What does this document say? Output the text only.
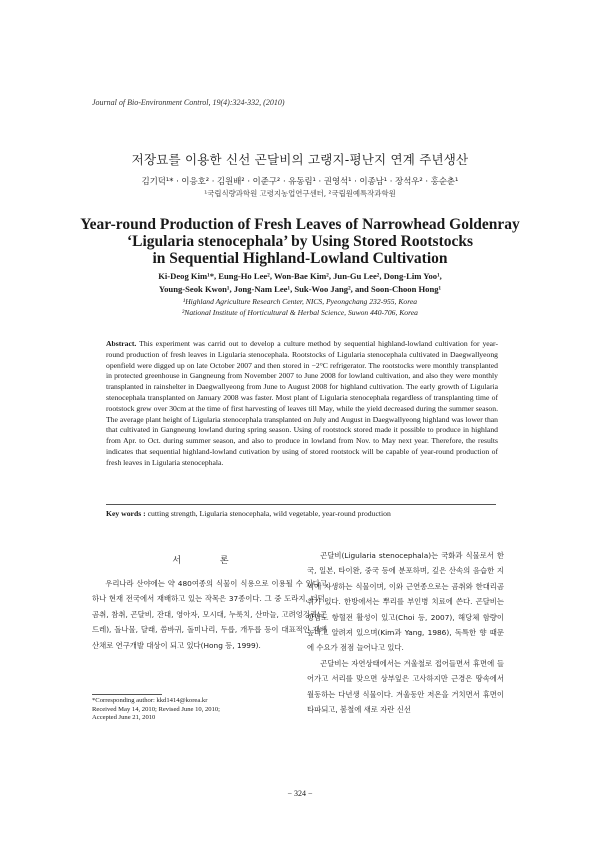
Journal of Bio-Environment Control, 19(4):324-332, (2010)
저장묘를 이용한 신선 곤달비의 고랭지-평난지 연계 주년생산
김기덕¹* · 이응호² · 김원배² · 이준구² · 유동림¹ · 권영석¹ · 이종남¹ · 장석우² · 홍순춘¹
¹국립식량과학원 고령지농업연구센터, ²국립원예특작과학원
Year-round Production of Fresh Leaves of Narrowhead Goldenray
‘Ligularia stenocephala’ by Using Stored Rootstocks
in Sequential Highland-Lowland Cultivation
Ki-Deog Kim¹*, Eung-Ho Lee², Won-Bae Kim², Jun-Gu Lee², Dong-Lim Yoo¹,
Young-Seok Kwon¹, Jong-Nam Lee¹, Suk-Woo Jang², and Soon-Choon Hong¹
¹Highland Agriculture Research Center, NICS, Pyeongchang 232-955, Korea
²National Institute of Horticultural & Herbal Science, Suwon 440-706, Korea
Abstract. This experiment was carrid out to develop a culture method by sequential highland-lowland cultivation for year-round production of fresh leaves in Ligularia stenocephala. Rootstocks of Ligularia stenocephala cultivated in Daegwallyeong openfield were digged up on late October 2007 and then stored in −2°C refrigerator. The rootstocks were monthly transplanted in protected greenhouse in Gangneung from November 2007 to June 2008 for lowland cultivation, and also they were monthly transplanted in rainshelter in Daegwallyeong from June to August 2008 for highland cultivation. The early growth of Ligularia stenocephala transplanted on January 2008 was faster. Most plant of Ligularia stenocephala regardless of transplanting time of rootstock grew over 30cm at the time of first harvesting of leaves till May, while the yield decreased during the summer season. The average plant height of Ligularia stenocephala transplanted on July and August in Daegwallyeong highland was lower than that cultivated in Gangneung lowland during spring season. Using of rootstock stored made it possible to produce in highland from Apr. to Oct. during summer season, and also to produce in lowland from Nov. to May next year. Therefore, the results indicates that sequential highland-lowland cutivation by using of stored rootstock will be capable of year-round production of fresh leaves in Ligularia stenocephala.
Key words : cutting strength, Ligularia stenocephala, wild vegetable, year-round production
서 론

우리나라 산야에는 약 480여종의 식물이 식용으로 이용될 수 있다고 하나 현재 전국에서 재배하고 있는 작목은 37종이다. 그 중 도라지, 더덕, 곰취, 참취, 곤달비, 잔대, 영아자, 모시대, 누룩치, 산마늘, 고려엉겅퀴(곤드레), 돌나물, 달래, 씀바귀, 돌미나리, 두릅, 개두릅 등이 대표적인 재배산채로 연구개발 대상이 되고 있다(Hong 등, 1999).

곤달비(Ligularia stenocephala)는 국화과 식물로서 한국, 일본, 타이완, 중국 등에 분포하며, 깊은 산속의 음습한 지역에 자생하는 식물이며, 이와 근연종으로는 곰취와 한대리곰취가 있다. 한방에서는 뿌리를 부인병 치료에 쓴다. 곤달비는 항암노 항혈전 활성이 있고(Choi 등, 2007), 해당체 함량이 높다고 알려져 있으며(Kim과 Yang, 1986), 독특한 향 때문에 수요가 점점 늘어나고 있다.

곤달비는 자연상태에서는 겨울철로 접어들면서 휴면에 들어가고 서리를 맞으면 상부잎은 고사하지만 근경은 땅속에서 월동하는 다년생 식물이다. 겨울동안 저온을 거치면서 휴면이 타파되고, 봄철에 새로 자란 신선

*Corresponding author: kkd1414@korea.kr
Received May 14, 2010; Revised June 10, 2010;
Accepted June 21, 2010
− 324 −
